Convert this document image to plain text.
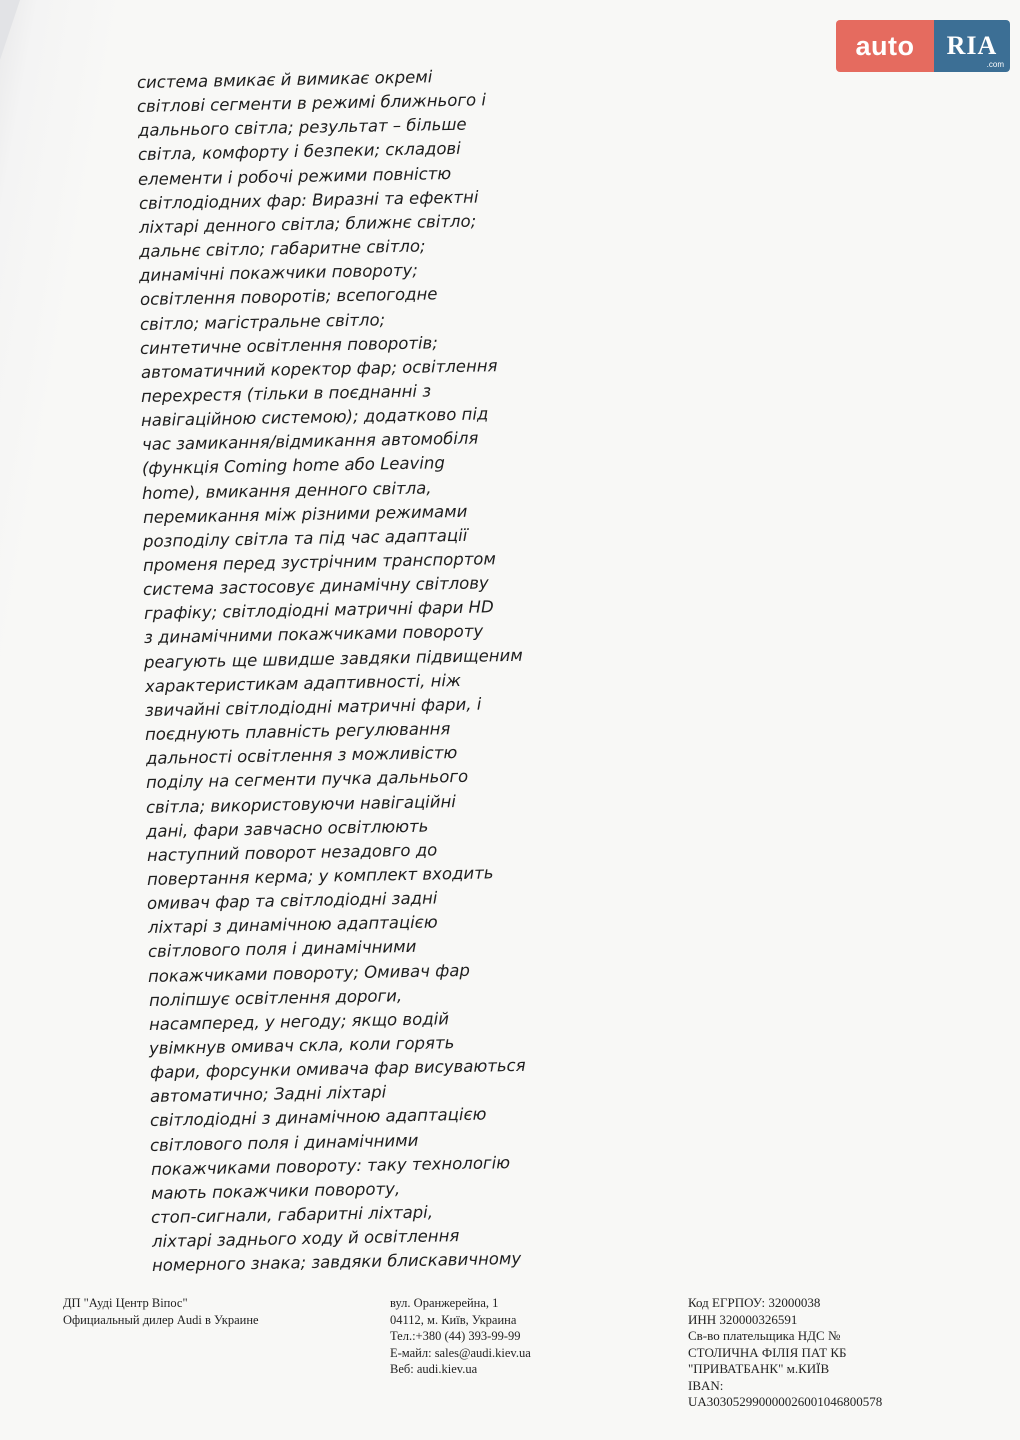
auto	RIA
.com
система вмикає й вимикає окремі
світлові сегменти в режимі ближнього і
дальнього світла; результат – більше
світла, комфорту і безпеки; складові
елементи і робочі режими повністю
світлодіодних фар: Виразні та ефектні
ліхтарі денного світла; ближнє світло;
дальнє світло; габаритне світло;
динамічні покажчики повороту;
освітлення поворотів; всепогодне
світло; магістральне світло;
синтетичне освітлення поворотів;
автоматичний коректор фар; освітлення
перехрестя (тільки в поєднанні з
навігаційною системою); додатково під
час замикання/відмикання автомобіля
(функція Coming home або Leaving
home), вмикання денного світла,
перемикання між різними режимами
розподілу світла та під час адаптації
променя перед зустрічним транспортом
система застосовує динамічну світлову
графіку; світлодіодні матричні фари HD
з динамічними покажчиками повороту
реагують ще швидше завдяки підвищеним
характеристикам адаптивності, ніж
звичайні світлодіодні матричні фари, і
поєднують плавність регулювання
дальності освітлення з можливістю
поділу на сегменти пучка дальнього
світла; використовуючи навігаційні
дані, фари завчасно освітлюють
наступний поворот незадовго до
повертання керма; у комплект входить
омивач фар та світлодіодні задні
ліхтарі з динамічною адаптацією
світлового поля і динамічними
покажчиками повороту; Омивач фар
поліпшує освітлення дороги,
насамперед, у негоду; якщо водій
увімкнув омивач скла, коли горять
фари, форсунки омивача фар висуваються
автоматично; Задні ліхтарі
світлодіодні з динамічною адаптацією
світлового поля і динамічними
покажчиками повороту: таку технологію
мають покажчики повороту,
стоп-сигнали, габаритні ліхтарі,
ліхтарі заднього ходу й освітлення
номерного знака; завдяки блискавичному
ДП "Ауді Центр Віпос"
Официальный дилер Audi в Украине
вул. Оранжерейна, 1
04112, м. Київ, Украина
Тел.:+380 (44) 393-99-99
E-майл: sales@audi.kiev.ua
Веб: audi.kiev.ua
Код ЕГРПОУ: 32000038
ИНН 320000326591
Св-во плательщика НДС №
СТОЛИЧНА ФІЛІЯ ПАТ КБ
"ПРИВАТБАНК" м.КИЇВ
IBAN:
UA303052990000026001046800578
